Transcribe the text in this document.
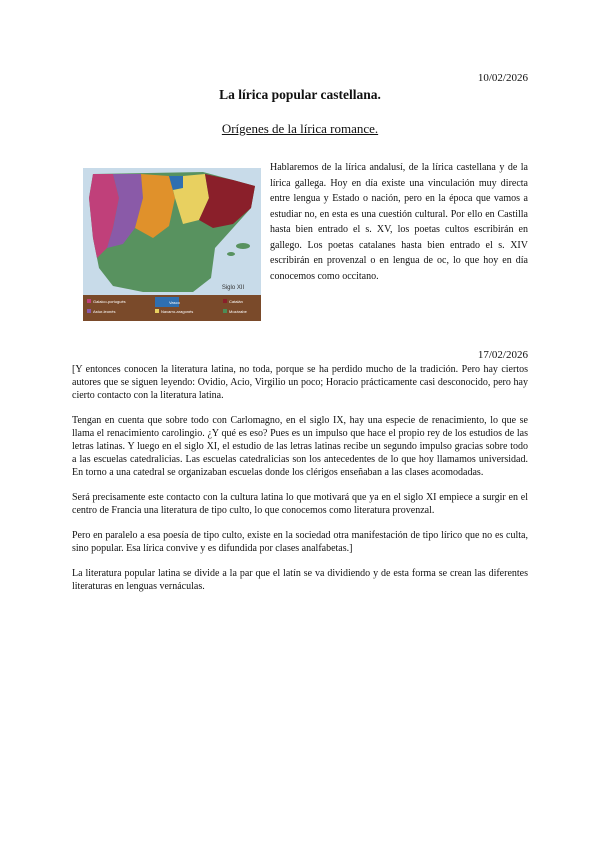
10/02/2026
La lírica popular castellana.
Orígenes de la lírica romance.
Siglo XII
Galaico-portugués
Astur-leonés
Vasco
Navarro-aragonés
Catalán
Mozárabe

Hablaremos de la lírica andalusí, de la lírica castellana y de la lírica gallega. Hoy en día existe una vinculación muy directa entre lengua y Estado o nación, pero en la época que vamos a estudiar no, en esta es una cuestión cultural. Por ello en Castilla hasta bien entrado el s. XV, los poetas cultos escribirán en gallego. Los poetas catalanes hasta bien entrado el s. XIV escribirán en provenzal o en lengua de oc, lo que hoy en día conocemos como occitano.

17/02/2026

[Y entonces conocen la literatura latina, no toda, porque se ha perdido mucho de la tradición. Pero hay ciertos autores que se siguen leyendo: Ovidio, Acio, Virgilio un poco; Horacio prácticamente casi desconocido, pero hay cierto contacto con la literatura latina.

Tengan en cuenta que sobre todo con Carlomagno, en el siglo IX, hay una especie de renacimiento, lo que se llama el renacimiento carolingio. ¿Y qué es eso? Pues es un impulso que hace el propio rey de los estudios de las letras latinas. Y luego en el siglo XI, el estudio de las letras latinas recibe un segundo impulso gracias sobre todo a las escuelas catedralicias. Las escuelas catedralicias son los antecedentes de lo que hoy llamamos universidad. En torno a una catedral se organizaban escuelas donde los clérigos enseñaban a las clases acomodadas.

Será precisamente este contacto con la cultura latina lo que motivará que ya en el siglo XI empiece a surgir en el centro de Francia una literatura de tipo culto, lo que conocemos como literatura provenzal.

Pero en paralelo a esa poesía de tipo culto, existe en la sociedad otra manifestación de tipo lírico que no es culta, sino popular. Esa lírica convive y es difundida por clases analfabetas.]

La literatura popular latina se divide a la par que el latín se va dividiendo y de esta forma se crean las diferentes literaturas en lenguas vernáculas.
